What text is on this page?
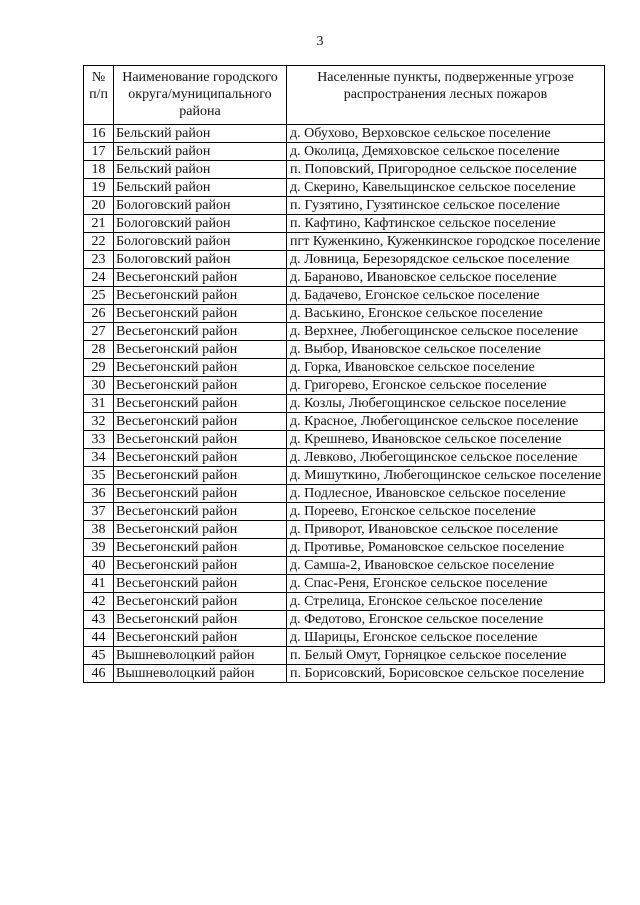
3
№ п/п	Наименование городского округа/муниципального района	Населенные пункты, подверженные угрозе распространения лесных пожаров
16	Бельский район	д. Обухово, Верховское сельское поселение
17	Бельский район	д. Околица, Демяховское сельское поселение
18	Бельский район	п. Поповский, Пригородное сельское поселение
19	Бельский район	д. Скерино, Кавельщинское сельское поселение
20	Бологовский район	п. Гузятино, Гузятинское сельское поселение
21	Бологовский район	п. Кафтино, Кафтинское сельское поселение
22	Бологовский район	пгт Куженкино, Куженкинское городское поселение
23	Бологовский район	д. Ловница, Березорядское сельское поселение
24	Весьегонский район	д. Бараново, Ивановское сельское поселение
25	Весьегонский район	д. Бадачево, Егонское сельское поселение
26	Весьегонский район	д. Васькино, Егонское сельское поселение
27	Весьегонский район	д. Верхнее, Любегощинское сельское поселение
28	Весьегонский район	д. Выбор, Ивановское сельское поселение
29	Весьегонский район	д. Горка, Ивановское сельское поселение
30	Весьегонский район	д. Григорево, Егонское сельское поселение
31	Весьегонский район	д. Козлы, Любегощинское сельское поселение
32	Весьегонский район	д. Красное, Любегощинское сельское поселение
33	Весьегонский район	д. Крешнево, Ивановское сельское поселение
34	Весьегонский район	д. Левково, Любегощинское сельское поселение
35	Весьегонский район	д. Мишуткино, Любегощинское сельское поселение
36	Весьегонский район	д. Подлесное, Ивановское сельское поселение
37	Весьегонский район	д. Пореево, Егонское сельское поселение
38	Весьегонский район	д. Приворот, Ивановское сельское поселение
39	Весьегонский район	д. Противье, Романовское сельское поселение
40	Весьегонский район	д. Самша-2, Ивановское сельское поселение
41	Весьегонский район	д. Спас-Реня, Егонское сельское поселение
42	Весьегонский район	д. Стрелица, Егонское сельское поселение
43	Весьегонский район	д. Федотово, Егонское сельское поселение
44	Весьегонский район	д. Шарицы, Егонское сельское поселение
45	Вышневолоцкий район	п. Белый Омут, Горняцкое сельское поселение
46	Вышневолоцкий район	п. Борисовский, Борисовское сельское поселение
